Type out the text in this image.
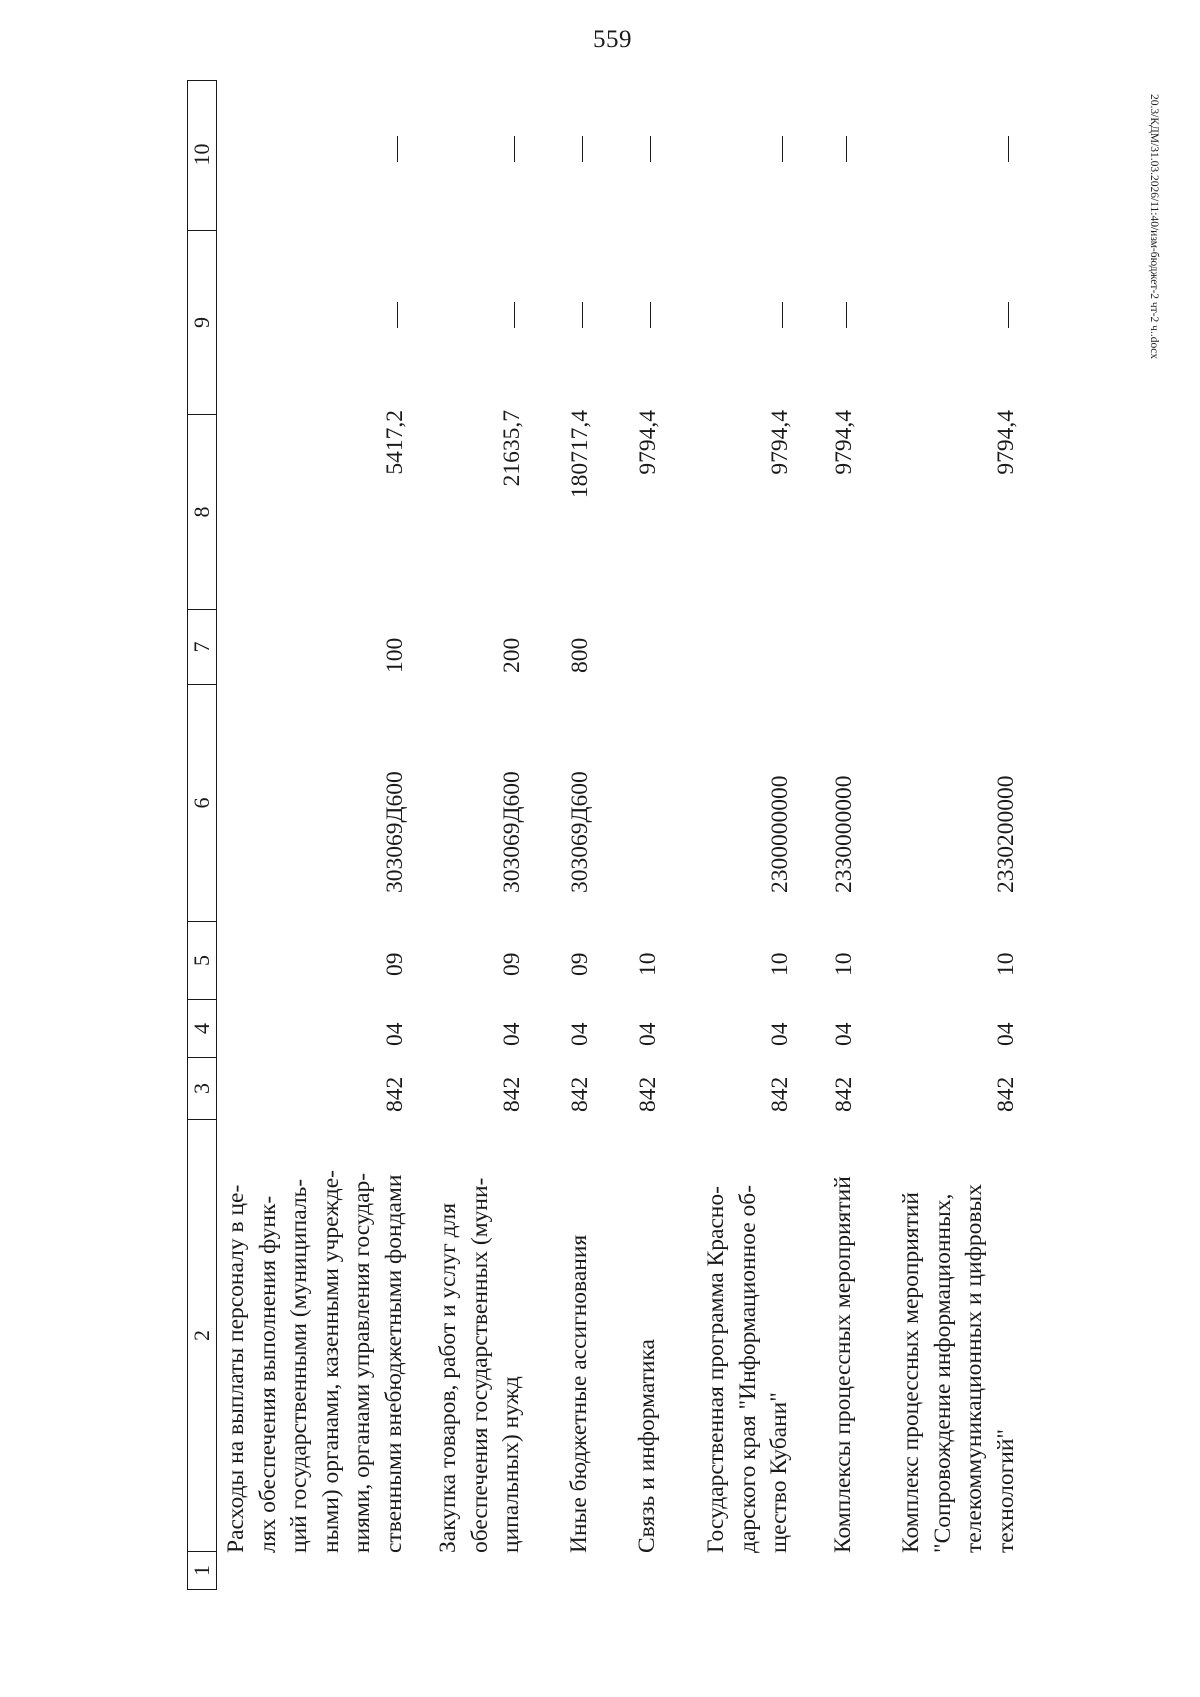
559
20.3/КДМ/31.03.2026/11:40/изм-бюджет-2 чт-2 ч..docx
1
2
3
4
5
6
7
8
9
10
Расходы на выплаты персоналу в це- лях обеспечения выполнения функ- ций государственными (муниципаль- ными) органами, казенными учрежде- ниями, органами управления государ- ственными внебюджетными фондами
842
04
09
303069Д600
100
5417,2
Закупка товаров, работ и услуг для обеспечения государственных (муни- ципальных) нужд
842
04
09
303069Д600
200
21635,7
Иные бюджетные ассигнования
842
04
09
303069Д600
800
180717,4
Связь и информатика
842
04
10
9794,4
Государственная программа Красно- дарского края "Информационное об- щество Кубани"
842
04
10
2300000000
9794,4
Комплексы процессных мероприятий
842
04
10
2330000000
9794,4
Комплекс процессных мероприятий "Сопровождение информационных, телекоммуникационных и цифровых технологий"
842
04
10
2330200000
9794,4
